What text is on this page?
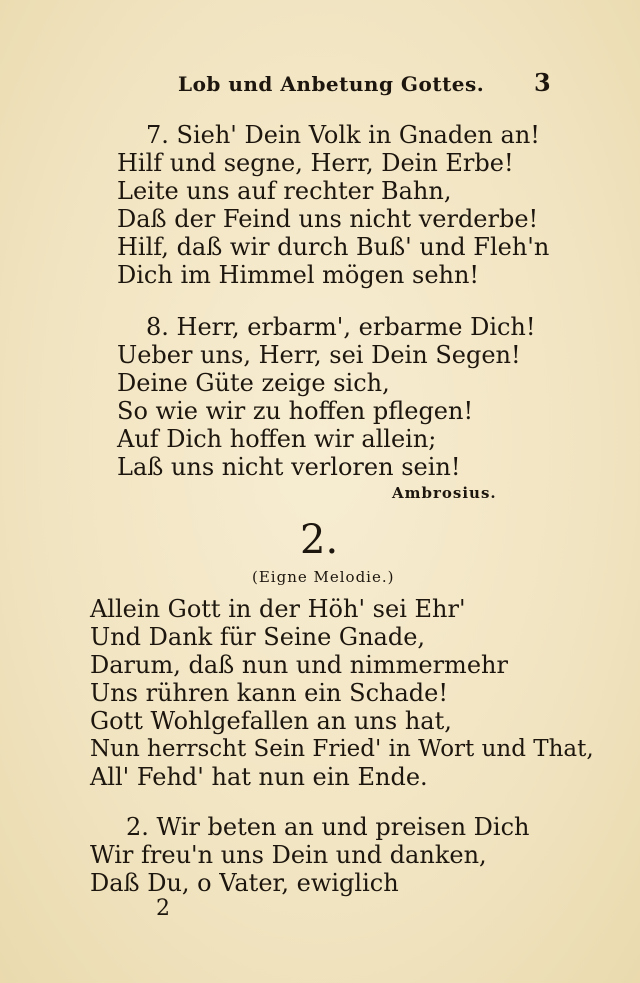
Lob und Anbetung Gottes. 3
7. Sieh' Dein Volk in Gnaden an!
Hilf und segne, Herr, Dein Erbe!
Leite uns auf rechter Bahn,
Daß der Feind uns nicht verderbe!
Hilf, daß wir durch Buß' und Fleh'n
Dich im Himmel mögen sehn!
8. Herr, erbarm', erbarme Dich!
Ueber uns, Herr, sei Dein Segen!
Deine Güte zeige sich,
So wie wir zu hoffen pflegen!
Auf Dich hoffen wir allein;
Laß uns nicht verloren sein!
Ambrosius.
2.
(Eigne Melodie.)
Allein Gott in der Höh' sei Ehr'
Und Dank für Seine Gnade,
Darum, daß nun und nimmermehr
Uns rühren kann ein Schade!
Gott Wohlgefallen an uns hat,
Nun herrscht Sein Fried' in Wort und That,
All' Fehd' hat nun ein Ende.
2. Wir beten an und preisen Dich
Wir freu'n uns Dein und danken,
Daß Du, o Vater, ewiglich
2
